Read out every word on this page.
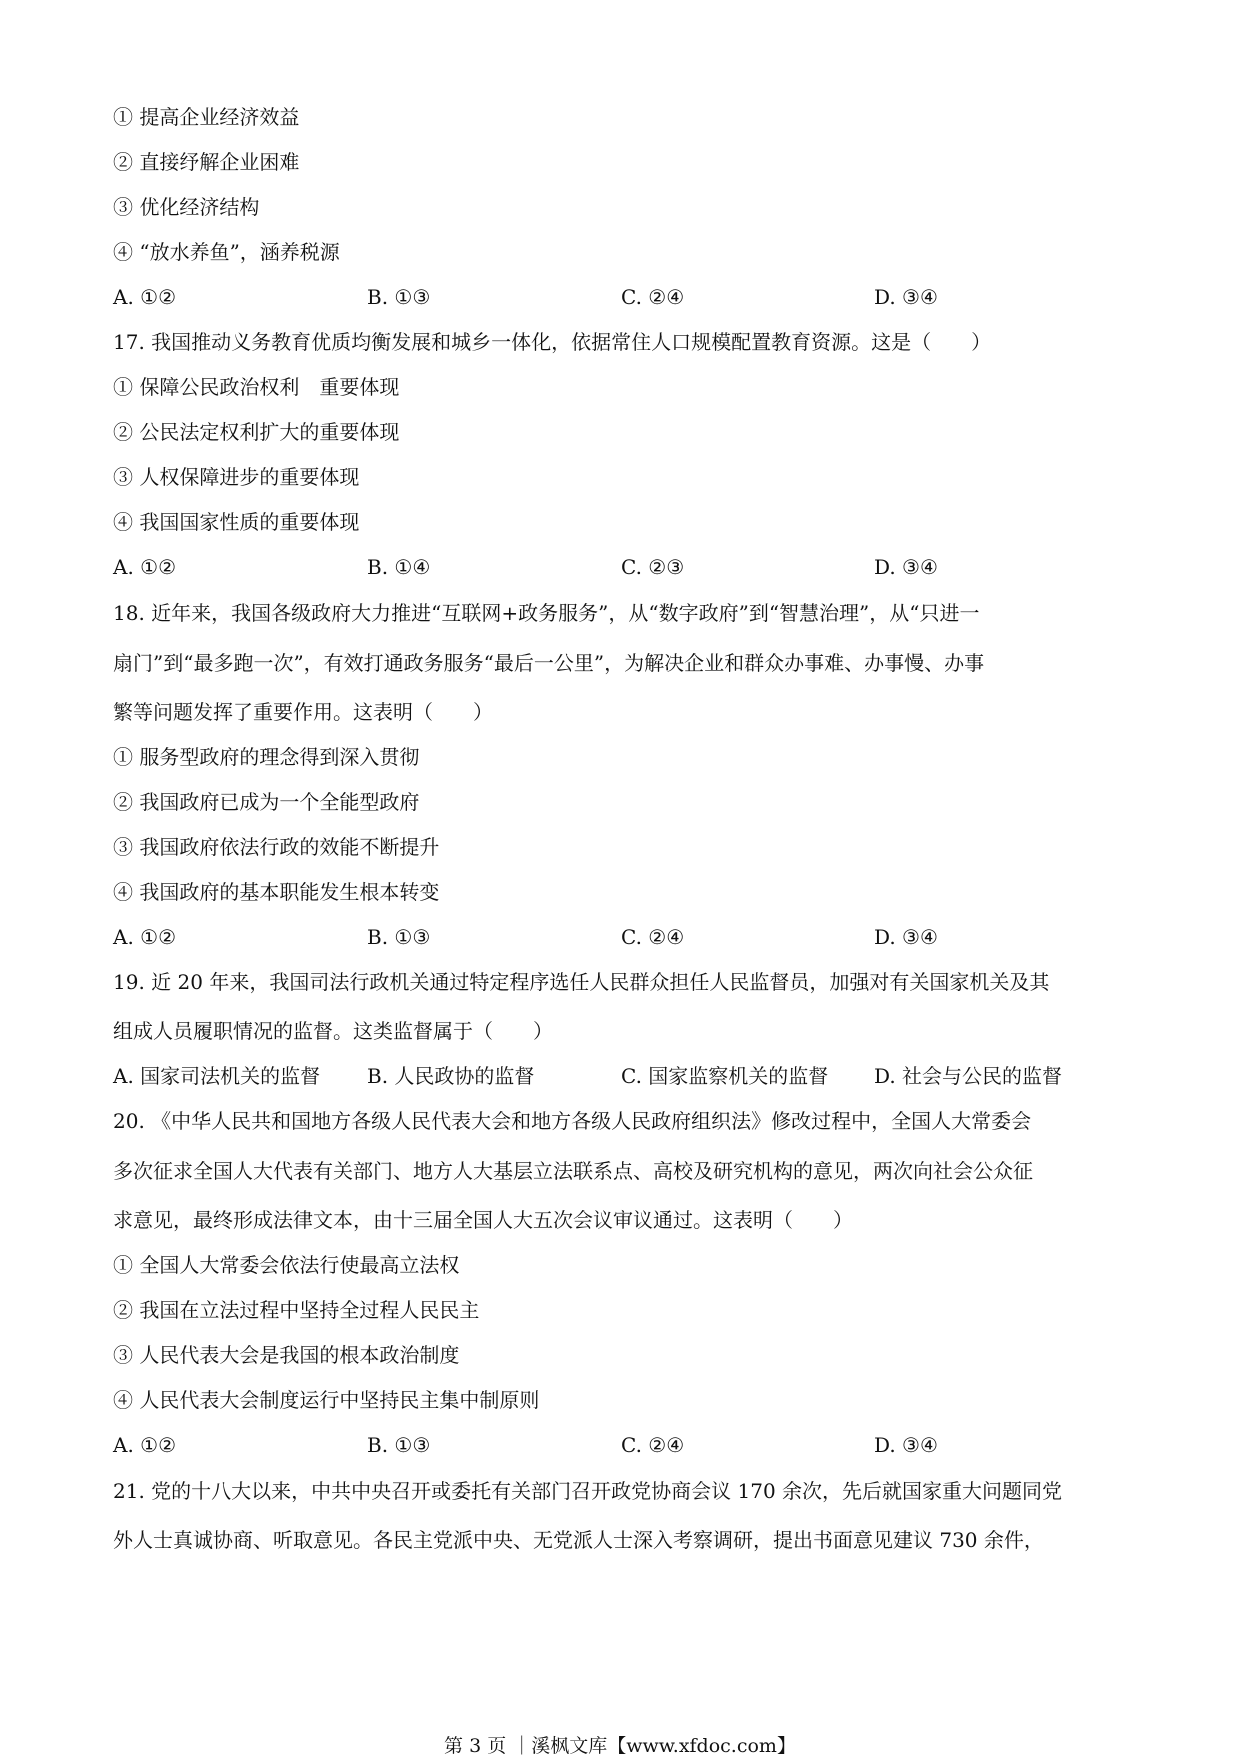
① 提高企业经济效益
② 直接纾解企业困难
③ 优化经济结构
④ “放水养鱼”，涵养税源
A. ①②	B. ①③	C. ②④	D. ③④
17. 我国推动义务教育优质均衡发展和城乡一体化，依据常住人口规模配置教育资源。这是（　　）
① 保障公民政治权利　重要体现
② 公民法定权利扩大的重要体现
③ 人权保障进步的重要体现
④ 我国国家性质的重要体现
A. ①②	B. ①④	C. ②③	D. ③④
18. 近年来，我国各级政府大力推进“互联网+政务服务”，从“数字政府”到“智慧治理”，从“只进一
扇门”到“最多跑一次”，有效打通政务服务“最后一公里”，为解决企业和群众办事难、办事慢、办事
繁等问题发挥了重要作用。这表明（　　）
① 服务型政府的理念得到深入贯彻
② 我国政府已成为一个全能型政府
③ 我国政府依法行政的效能不断提升
④ 我国政府的基本职能发生根本转变
A. ①②	B. ①③	C. ②④	D. ③④
19. 近 20 年来，我国司法行政机关通过特定程序选任人民群众担任人民监督员，加强对有关国家机关及其
组成人员履职情况的监督。这类监督属于（　　）
A. 国家司法机关的监督 B. 人民政协的监督	C. 国家监察机关的监督 D. 社会与公民的监督
20. 《中华人民共和国地方各级人民代表大会和地方各级人民政府组织法》修改过程中，全国人大常委会
多次征求全国人大代表有关部门、地方人大基层立法联系点、高校及研究机构的意见，两次向社会公众征
求意见，最终形成法律文本，由十三届全国人大五次会议审议通过。这表明（　　）
① 全国人大常委会依法行使最高立法权
② 我国在立法过程中坚持全过程人民民主
③ 人民代表大会是我国的根本政治制度
④ 人民代表大会制度运行中坚持民主集中制原则
A. ①②	B. ①③	C. ②④	D. ③④
21. 党的十八大以来，中共中央召开或委托有关部门召开政党协商会议 170 余次，先后就国家重大问题同党
外人士真诚协商、听取意见。各民主党派中央、无党派人士深入考察调研，提出书面意见建议 730 余件，
第 3 页 ｜溪枫文库【www.xfdoc.com】
